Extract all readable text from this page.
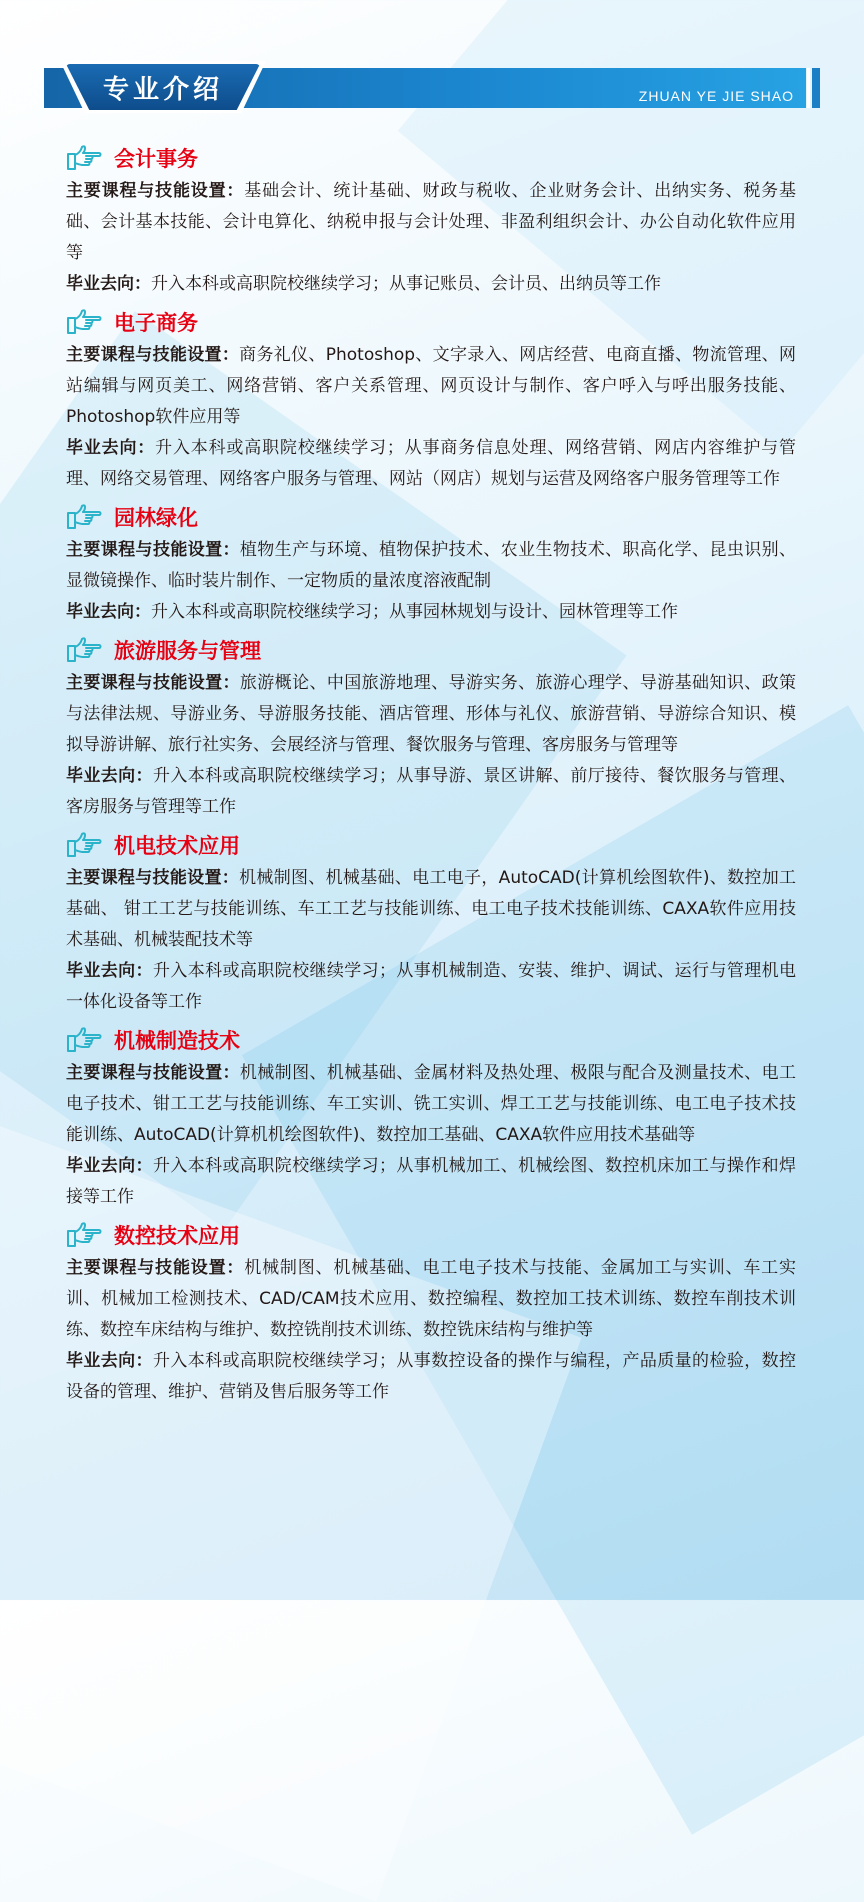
专业介绍	ZHUAN YE JIE SHAO
会计事务

主要课程与技能设置：基础会计、统计基础、财政与税收、企业财务会计、出纳实务、税务基础、会计基本技能、会计电算化、纳税申报与会计处理、非盈利组织会计、办公自动化软件应用等

毕业去向：升入本科或高职院校继续学习；从事记账员、会计员、出纳员等工作

电子商务

主要课程与技能设置：商务礼仪、Photoshop、文字录入、网店经营、电商直播、物流管理、网站编辑与网页美工、网络营销、客户关系管理、网页设计与制作、客户呼入与呼出服务技能、Photoshop软件应用等

毕业去向：升入本科或高职院校继续学习；从事商务信息处理、网络营销、网店内容维护与管理、网络交易管理、网络客户服务与管理、网站（网店）规划与运营及网络客户服务管理等工作

园林绿化

主要课程与技能设置：植物生产与环境、植物保护技术、农业生物技术、职高化学、昆虫识别、显微镜操作、临时装片制作、一定物质的量浓度溶液配制

毕业去向：升入本科或高职院校继续学习；从事园林规划与设计、园林管理等工作

旅游服务与管理

主要课程与技能设置：旅游概论、中国旅游地理、导游实务、旅游心理学、导游基础知识、政策与法律法规、导游业务、导游服务技能、酒店管理、形体与礼仪、旅游营销、导游综合知识、模拟导游讲解、旅行社实务、会展经济与管理、餐饮服务与管理、客房服务与管理等

毕业去向：升入本科或高职院校继续学习；从事导游、景区讲解、前厅接待、餐饮服务与管理、客房服务与管理等工作

机电技术应用

主要课程与技能设置：机械制图、机械基础、电工电子，AutoCAD(计算机绘图软件)、数控加工基础、 钳工工艺与技能训练、车工工艺与技能训练、电工电子技术技能训练、CAXA软件应用技术基础、机械装配技术等

毕业去向：升入本科或高职院校继续学习；从事机械制造、安装、维护、调试、运行与管理机电一体化设备等工作

机械制造技术

主要课程与技能设置：机械制图、机械基础、金属材料及热处理、极限与配合及测量技术、电工电子技术、钳工工艺与技能训练、车工实训、铣工实训、焊工工艺与技能训练、电工电子技术技能训练、AutoCAD(计算机机绘图软件)、数控加工基础、CAXA软件应用技术基础等

毕业去向：升入本科或高职院校继续学习；从事机械加工、机械绘图、数控机床加工与操作和焊接等工作

数控技术应用

主要课程与技能设置：机械制图、机械基础、电工电子技术与技能、金属加工与实训、车工实训、机械加工检测技术、CAD/CAM技术应用、数控编程、数控加工技术训练、数控车削技术训练、数控车床结构与维护、数控铣削技术训练、数控铣床结构与维护等

毕业去向：升入本科或高职院校继续学习；从事数控设备的操作与编程，产品质量的检验，数控设备的管理、维护、营销及售后服务等工作
